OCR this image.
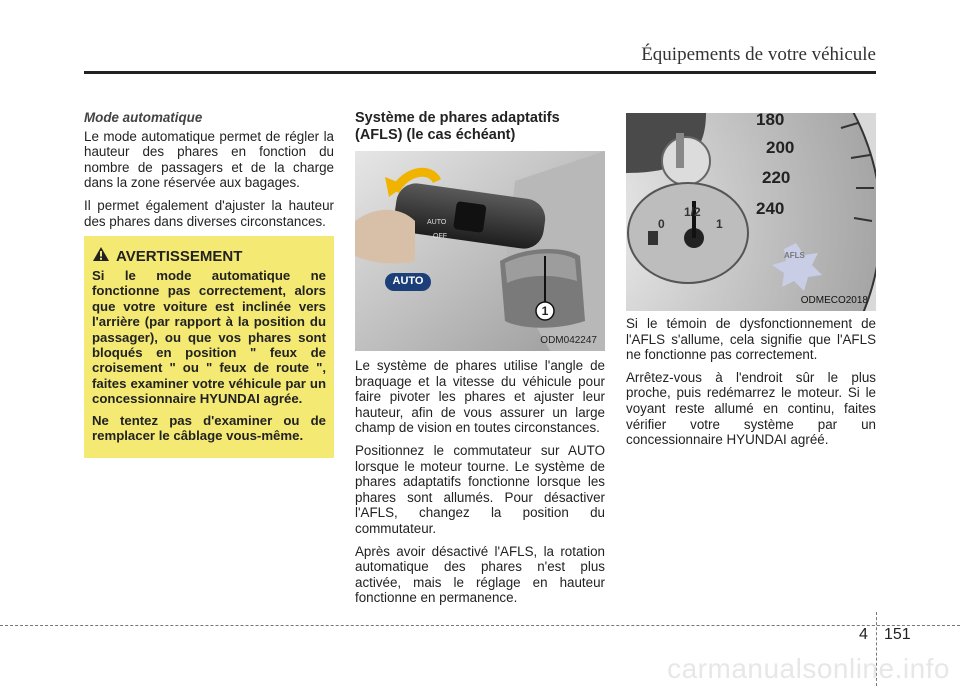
Équipements de votre véhicule
Mode automatique

Le mode automatique permet de régler la hauteur des phares en fonction du nombre de passagers et de la charge dans la zone réservée aux bagages.

Il permet également d'ajuster la hauteur des phares dans diverses circonstances.

AVERTISSEMENT

Si le mode automatique ne fonctionne pas correctement, alors que votre voiture est inclinée vers l'arrière (par rapport à la position du passager), ou que vos phares sont bloqués en position " feux de croisement " ou " feux de route ", faites examiner votre véhicule par un concessionnaire HYUNDAI agrée.

Ne tentez pas d'examiner ou de remplacer le câblage vous-même.

Système de phares adaptatifs (AFLS) (le cas échéant)
AUTO
1
AUTO
OFF
ODM042247

Le système de phares utilise l'angle de braquage et la vitesse du véhicule pour faire pivoter les phares et ajuster leur hauteur, afin de vous assurer un large champ de vision en toutes circonstances.

Positionnez le commutateur sur AUTO lorsque le moteur tourne. Le système de phares adaptatifs fonctionne lorsque les phares sont allumés. Pour désactiver l'AFLS, changez la position du commutateur.

Après avoir désactivé l'AFLS, la rotation automatique des phares n'est plus activée, mais le réglage en hauteur fonctionne en permanence.

180
200
220
240
0
1/2
1
AFLS
ODMECO2018

Si le témoin de dysfonctionnement de l'AFLS s'allume, cela signifie que l'AFLS ne fonctionne pas correctement.

Arrêtez-vous à l'endroit sûr le plus proche, puis redémarrez le moteur. Si le voyant reste allumé en continu, faites vérifier votre système par un concessionnaire HYUNDAI agréé.

4 151
carmanualsonline.info
